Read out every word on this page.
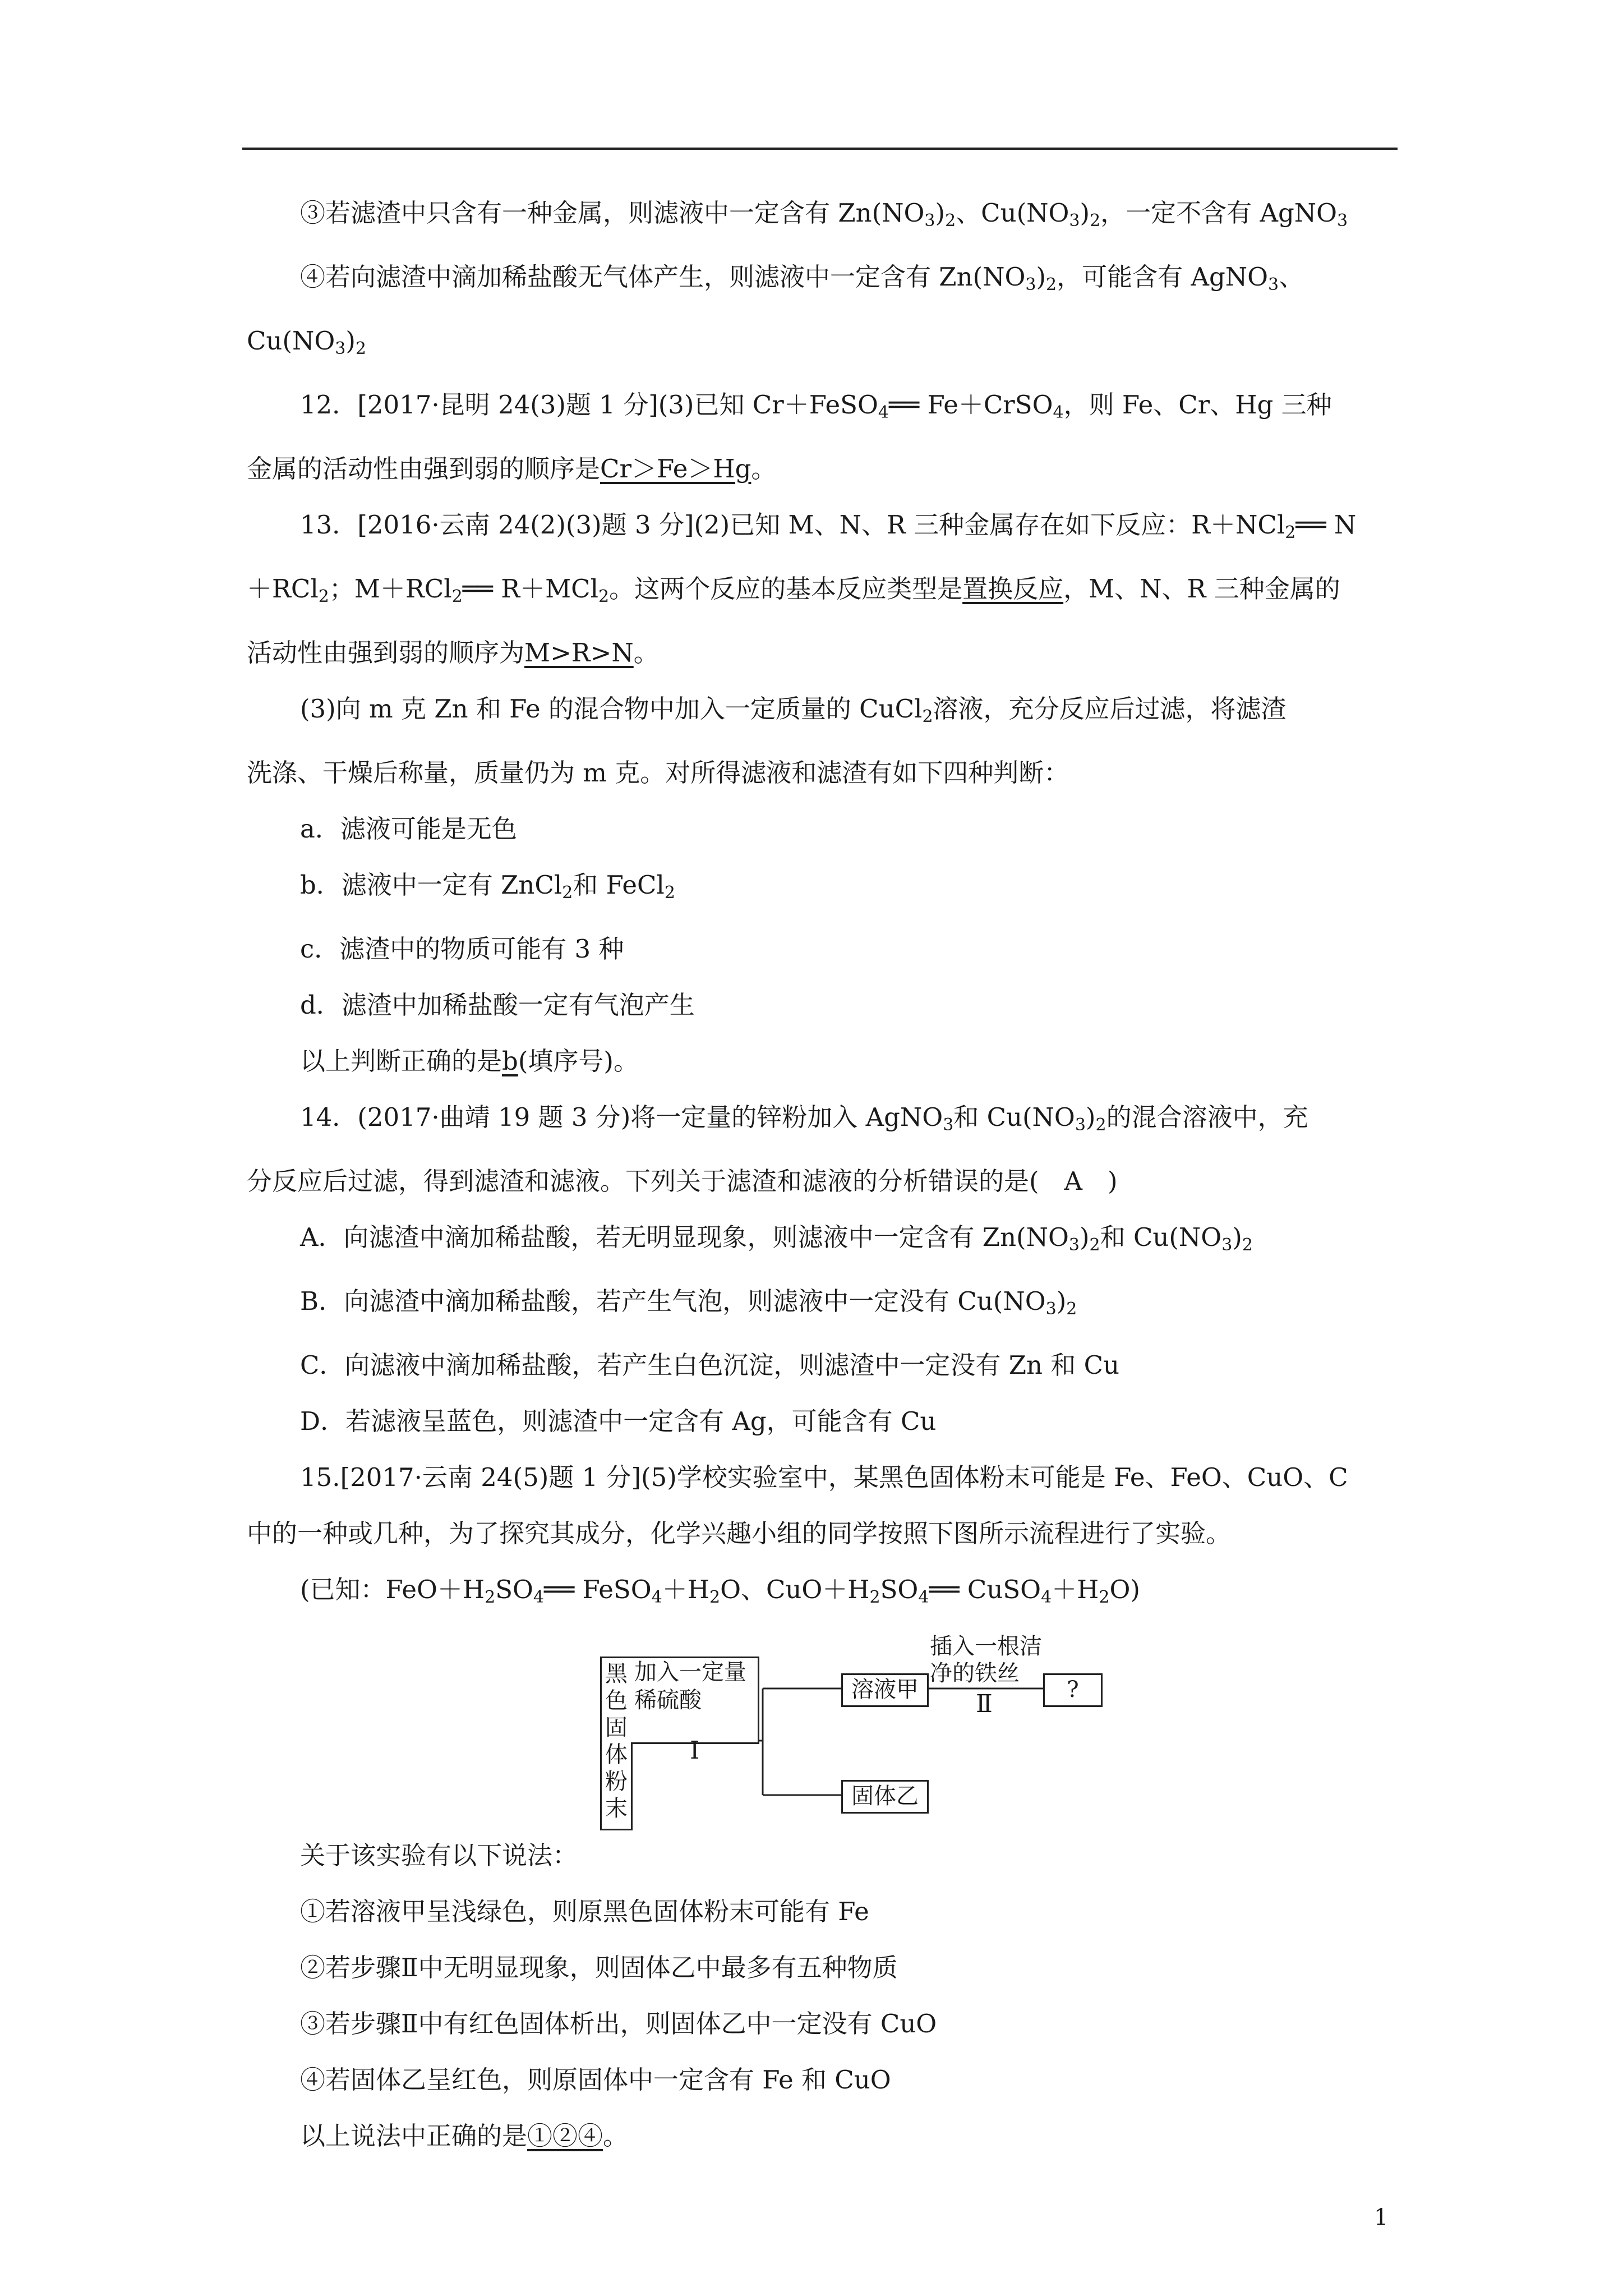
③若滤渣中只含有一种金属，则滤液中一定含有 $Zn(NO_3)_2$、$Cu(NO_3)_2$，一定不含有 AgNO$_3$

④若向滤渣中滴加稀盐酸无气体产生，则滤液中一定含有 $Zn(NO_3)_2$，可能含有 AgNO$_3$、

$Cu(NO_3)_2$

12．[2017·昆明 24(3)题 1 分](3)已知 Cr＋FeSO$_4$══ Fe＋CrSO$_4$，则 Fe、Cr、Hg 三种

金属的活动性由强到弱的顺序是Cr＞Fe＞Hg。

13．[2016·云南 24(2)(3)题 3 分](2)已知 M、N、R 三种金属存在如下反应：R＋NCl$_2$══ N

＋RCl$_2$；M＋RCl$_2$══ R＋MCl$_2$。这两个反应的基本反应类型是置换反应，M、N、R 三种金属的

活动性由强到弱的顺序为M>R>N。

(3)向 m 克 Zn 和 Fe 的混合物中加入一定质量的 CuCl$_2$溶液，充分反应后过滤，将滤渣

洗涤、干燥后称量，质量仍为 m 克。对所得滤液和滤渣有如下四种判断：

a．滤液可能是无色

b．滤液中一定有 ZnCl$_2$和 FeCl$_2$

c．滤渣中的物质可能有 3 种

d．滤渣中加稀盐酸一定有气泡产生

以上判断正确的是b(填序号)。

14．(2017·曲靖 19 题 3 分)将一定量的锌粉加入 AgNO$_3$和 $Cu(NO_3)_2$的混合溶液中，充

分反应后过滤，得到滤渣和滤液。下列关于滤渣和滤液的分析错误的是(　A　)

A．向滤渣中滴加稀盐酸，若无明显现象，则滤液中一定含有 $Zn(NO_3)_2$和 $Cu(NO_3)_2$

B．向滤渣中滴加稀盐酸，若产生气泡，则滤液中一定没有 $Cu(NO_3)_2$

C．向滤液中滴加稀盐酸，若产生白色沉淀，则滤渣中一定没有 Zn 和 Cu

D．若滤液呈蓝色，则滤渣中一定含有 Ag，可能含有 Cu

15.[2017·云南 24(5)题 1 分](5)学校实验室中，某黑色固体粉末可能是 Fe、FeO、CuO、C

中的一种或几种，为了探究其成分，化学兴趣小组的同学按照下图所示流程进行了实验。

(已知：$FeO+H_2SO_4══$ $FeSO_4+H_2O$、$CuO+H_2SO_4══$ $CuSO_4+H_2O$)

黑色固体粉末
加入一定量
稀硫酸
Ⅰ
溶液甲
固体乙
插入一根洁
净的铁丝
Ⅱ	?

关于该实验有以下说法：

①若溶液甲呈浅绿色，则原黑色固体粉末可能有 Fe

②若步骤Ⅱ中无明显现象，则固体乙中最多有五种物质

③若步骤Ⅱ中有红色固体析出，则固体乙中一定没有 CuO

④若固体乙呈红色，则原固体中一定含有 Fe 和 CuO

以上说法中正确的是①②④。

1
